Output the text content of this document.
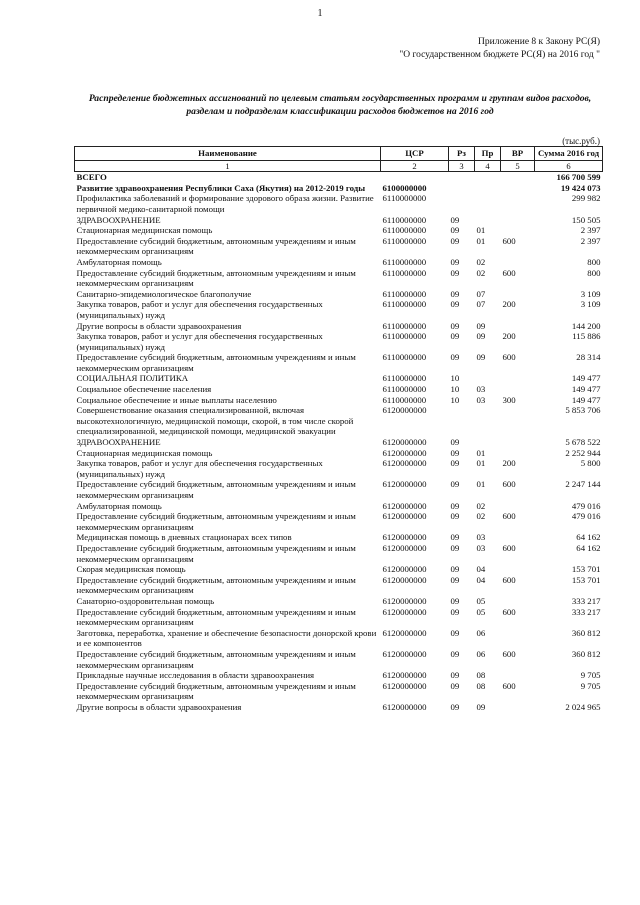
1
Приложение 8 к Закону РС(Я)
"О государственном бюджете РС(Я) на 2016 год "
Распределение бюджетных ассигнований по целевым статьям государственных программ и группам видов расходов, разделам и подразделам классификации расходов бюджетов на 2016 год
(тыс.руб.)
Наименование	ЦСР	Рз	Пр	ВР	Сумма 2016 год
1	2	3	4	5	6
ВСЕГО					166 700 599
Развитие здравоохранения Республики Саха (Якутия) на 2012-2019 годы	6100000000				19 424 073
Профилактика заболеваний и формирование здорового образа жизни. Развитие первичной медико-санитарной помощи	6110000000				299 982
ЗДРАВООХРАНЕНИЕ	6110000000	09			150 505
Стационарная медицинская помощь	6110000000	09	01		2 397
Предоставление субсидий бюджетным, автономным учреждениям и иным некоммерческим организациям	6110000000	09	01	600	2 397
Амбулаторная помощь	6110000000	09	02		800
Предоставление субсидий бюджетным, автономным учреждениям и иным некоммерческим организациям	6110000000	09	02	600	800
Санитарно-эпидемиологическое благополучие	6110000000	09	07		3 109
Закупка товаров, работ и услуг для обеспечения государственных (муниципальных) нужд	6110000000	09	07	200	3 109
Другие вопросы в области здравоохранения	6110000000	09	09		144 200
Закупка товаров, работ и услуг для обеспечения государственных (муниципальных) нужд	6110000000	09	09	200	115 886
Предоставление субсидий бюджетным, автономным учреждениям и иным некоммерческим организациям	6110000000	09	09	600	28 314
СОЦИАЛЬНАЯ ПОЛИТИКА	6110000000	10			149 477
Социальное обеспечение населения	6110000000	10	03		149 477
Социальное обеспечение и иные выплаты населению	6110000000	10	03	300	149 477
Совершенствование оказания специализированной, включая высокотехнологичную, медицинской помощи, скорой, в том числе скорой специализированной, медицинской помощи, медицинской эвакуации	6120000000				5 853 706
ЗДРАВООХРАНЕНИЕ	6120000000	09			5 678 522
Стационарная медицинская помощь	6120000000	09	01		2 252 944
Закупка товаров, работ и услуг для обеспечения государственных (муниципальных) нужд	6120000000	09	01	200	5 800
Предоставление субсидий бюджетным, автономным учреждениям и иным некоммерческим организациям	6120000000	09	01	600	2 247 144
Амбулаторная помощь	6120000000	09	02		479 016
Предоставление субсидий бюджетным, автономным учреждениям и иным некоммерческим организациям	6120000000	09	02	600	479 016
Медицинская помощь в дневных стационарах всех типов	6120000000	09	03		64 162
Предоставление субсидий бюджетным, автономным учреждениям и иным некоммерческим организациям	6120000000	09	03	600	64 162
Скорая медицинская помощь	6120000000	09	04		153 701
Предоставление субсидий бюджетным, автономным учреждениям и иным некоммерческим организациям	6120000000	09	04	600	153 701
Санаторно-оздоровительная помощь	6120000000	09	05		333 217
Предоставление субсидий бюджетным, автономным учреждениям и иным некоммерческим организациям	6120000000	09	05	600	333 217
Заготовка, переработка, хранение и обеспечение безопасности донорской крови и ее компонентов	6120000000	09	06		360 812
Предоставление субсидий бюджетным, автономным учреждениям и иным некоммерческим организациям	6120000000	09	06	600	360 812
Прикладные научные исследования в области здравоохранения	6120000000	09	08		9 705
Предоставление субсидий бюджетным, автономным учреждениям и иным некоммерческим организациям	6120000000	09	08	600	9 705
Другие вопросы в области здравоохранения	6120000000	09	09		2 024 965
